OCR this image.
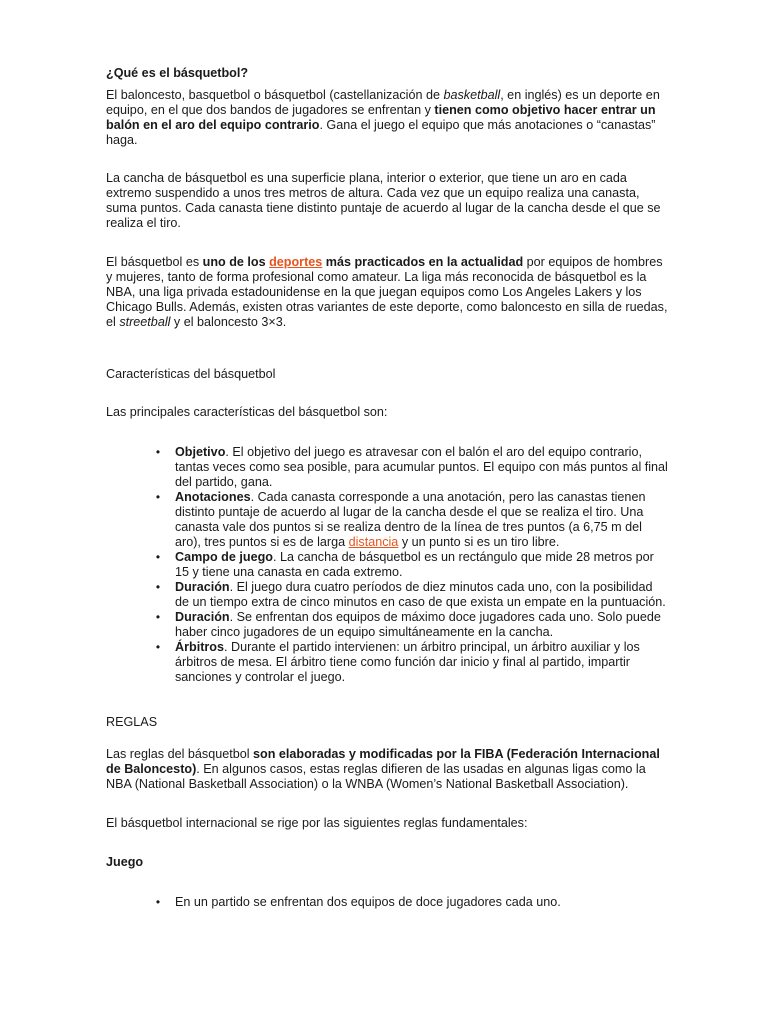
¿Qué es el básquetbol?

El baloncesto, basquetbol o básquetbol (castellanización de basketball, en inglés) es un deporte en equipo, en el que dos bandos de jugadores se enfrentan y tienen como objetivo hacer entrar un balón en el aro del equipo contrario. Gana el juego el equipo que más anotaciones o “canastas” haga.

La cancha de básquetbol es una superficie plana, interior o exterior, que tiene un aro en cada extremo suspendido a unos tres metros de altura. Cada vez que un equipo realiza una canasta, suma puntos. Cada canasta tiene distinto puntaje de acuerdo al lugar de la cancha desde el que se realiza el tiro.

El básquetbol es uno de los deportes más practicados en la actualidad por equipos de hombres y mujeres, tanto de forma profesional como amateur. La liga más reconocida de básquetbol es la NBA, una liga privada estadounidense en la que juegan equipos como Los Angeles Lakers y los Chicago Bulls. Además, existen otras variantes de este deporte, como baloncesto en silla de ruedas, el streetball y el baloncesto 3×3.

Características del básquetbol

Las principales características del básquetbol son:

• Objetivo. El objetivo del juego es atravesar con el balón el aro del equipo contrario, tantas veces como sea posible, para acumular puntos. El equipo con más puntos al final del partido, gana.
• Anotaciones. Cada canasta corresponde a una anotación, pero las canastas tienen distinto puntaje de acuerdo al lugar de la cancha desde el que se realiza el tiro. Una canasta vale dos puntos si se realiza dentro de la línea de tres puntos (a 6,75 m del aro), tres puntos si es de larga distancia y un punto si es un tiro libre.
• Campo de juego. La cancha de básquetbol es un rectángulo que mide 28 metros por 15 y tiene una canasta en cada extremo.
• Duración. El juego dura cuatro períodos de diez minutos cada uno, con la posibilidad de un tiempo extra de cinco minutos en caso de que exista un empate en la puntuación.
• Duración. Se enfrentan dos equipos de máximo doce jugadores cada uno. Solo puede haber cinco jugadores de un equipo simultáneamente en la cancha.
• Árbitros. Durante el partido intervienen: un árbitro principal, un árbitro auxiliar y los árbitros de mesa. El árbitro tiene como función dar inicio y final al partido, impartir sanciones y controlar el juego.

REGLAS

Las reglas del básquetbol son elaboradas y modificadas por la FIBA (Federación Internacional de Baloncesto). En algunos casos, estas reglas difieren de las usadas en algunas ligas como la NBA (National Basketball Association) o la WNBA (Women’s National Basketball Association).

El básquetbol internacional se rige por las siguientes reglas fundamentales:

Juego

• En un partido se enfrentan dos equipos de doce jugadores cada uno.
